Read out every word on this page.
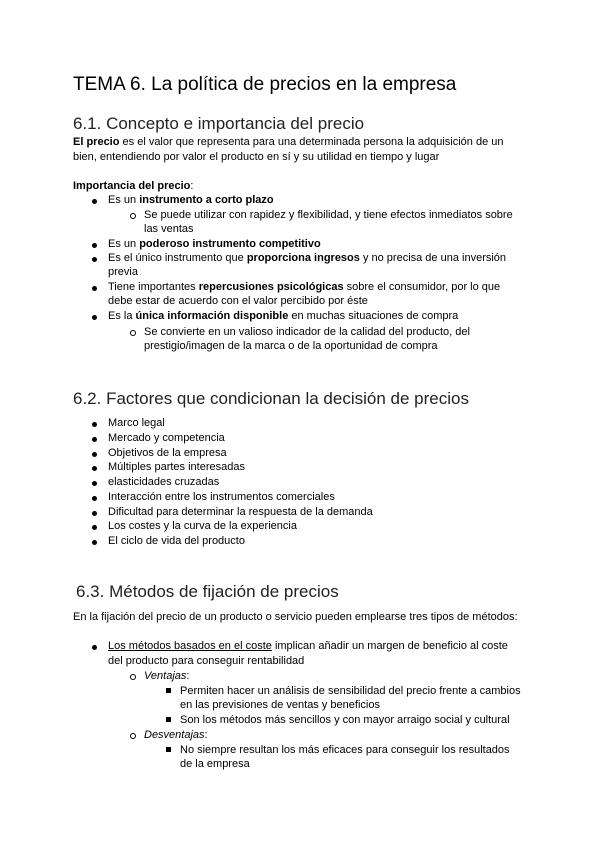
TEMA 6. La política de precios en la empresa
6.1. Concepto e importancia del precio
El precio es el valor que representa para una determinada persona la adquisición de un
bien, entendiendo por valor el producto en sí y su utilidad en tiempo y lugar
Importancia del precio:
Es un instrumento a corto plazo
Se puede utilizar con rapidez y flexibilidad, y tiene efectos inmediatos sobre
las ventas
Es un poderoso instrumento competitivo
Es el único instrumento que proporciona ingresos y no precisa de una inversión
previa
Tiene importantes repercusiones psicológicas sobre el consumidor, por lo que
debe estar de acuerdo con el valor percibido por éste
Es la única información disponible en muchas situaciones de compra
Se convierte en un valioso indicador de la calidad del producto, del
prestigio/imagen de la marca o de la oportunidad de compra
6.2. Factores que condicionan la decisión de precios
Marco legal
Mercado y competencia
Objetivos de la empresa
Múltiples partes interesadas
elasticidades cruzadas
Interacción entre los instrumentos comerciales
Dificultad para determinar la respuesta de la demanda
Los costes y la curva de la experiencia
El ciclo de vida del producto
6.3. Métodos de fijación de precios
En la fijación del precio de un producto o servicio pueden emplearse tres tipos de métodos:
Los métodos basados en el coste implican añadir un margen de beneficio al coste
del producto para conseguir rentabilidad
Ventajas:
Permiten hacer un análisis de sensibilidad del precio frente a cambios
en las previsiones de ventas y beneficios
Son los métodos más sencillos y con mayor arraigo social y cultural
Desventajas:
No siempre resultan los más eficaces para conseguir los resultados
de la empresa
